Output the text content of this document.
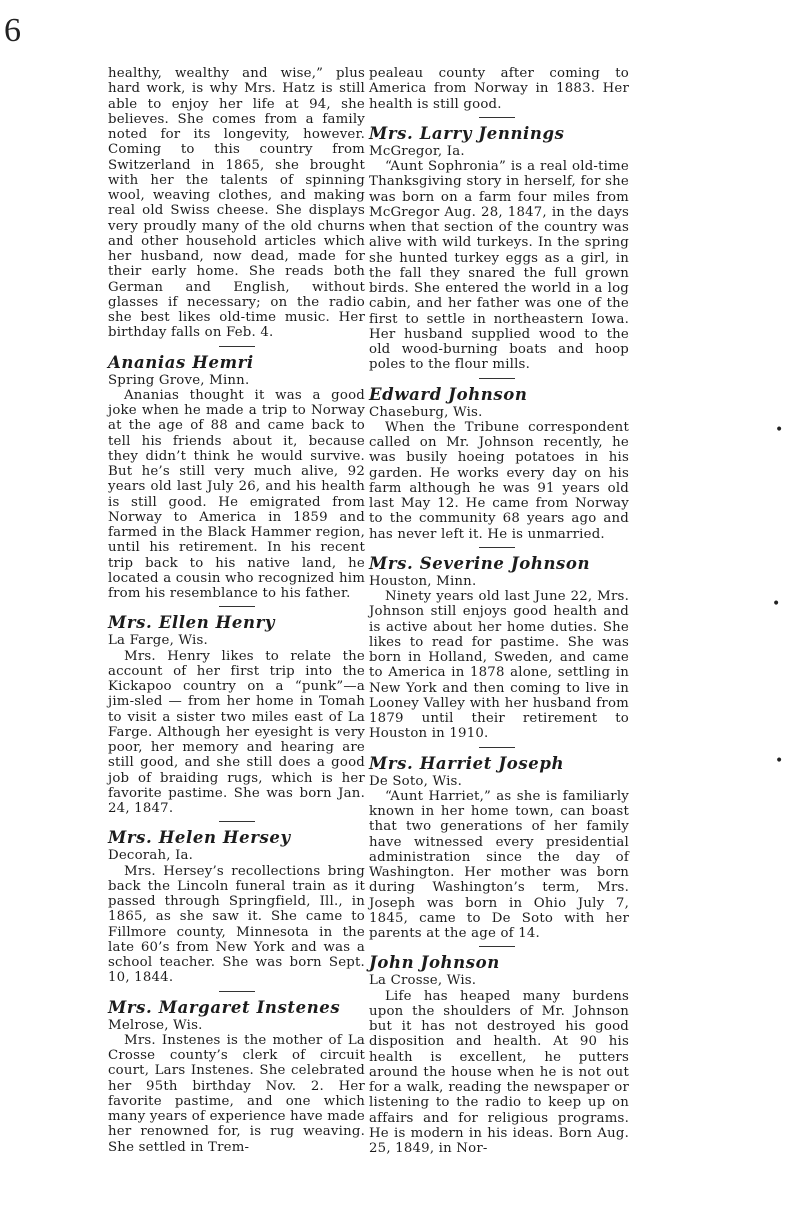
6

healthy, wealthy and wise,” plus hard work, is why Mrs. Hatz is still able to enjoy her life at 94, she believes. She comes from a family noted for its longevity, however. Coming to this country from Switzerland in 1865, she brought with her the talents of spinning wool, weaving clothes, and making real old Swiss cheese. She displays very proudly many of the old churns and other household articles which her husband, now dead, made for their early home. She reads both German and English, without glasses if necessary; on the radio she best likes old-time music. Her birthday falls on Feb. 4.

Ananias Hemri
Spring Grove, Minn.

Ananias thought it was a good joke when he made a trip to Norway at the age of 88 and came back to tell his friends about it, because they didn’t think he would survive. But he’s still very much alive, 92 years old last July 26, and his health is still good. He emigrated from Norway to America in 1859 and farmed in the Black Hammer region, until his retirement. In his recent trip back to his native land, he located a cousin who recognized him from his resemblance to his father.

Mrs. Ellen Henry
La Farge, Wis.

Mrs. Henry likes to relate the account of her first trip into the Kickapoo country on a “punk”—a jim-sled — from her home in Tomah to visit a sister two miles east of La Farge. Although her eyesight is very poor, her memory and hearing are still good, and she still does a good job of braiding rugs, which is her favorite pastime. She was born Jan. 24, 1847.

Mrs. Helen Hersey
Decorah, Ia.

Mrs. Hersey’s recollections bring back the Lincoln funeral train as it passed through Springfield, Ill., in 1865, as she saw it. She came to Fillmore county, Minnesota in the late 60’s from New York and was a school teacher. She was born Sept. 10, 1844.

Mrs. Margaret Instenes
Melrose, Wis.

Mrs. Instenes is the mother of La Crosse county’s clerk of circuit court, Lars Instenes. She celebrated her 95th birthday Nov. 2. Her favorite pastime, and one which many years of experience have made her renowned for, is rug weaving. She settled in Trem-

pealeau county after coming to America from Norway in 1883. Her health is still good.

Mrs. Larry Jennings
McGregor, Ia.

“Aunt Sophronia” is a real old-time Thanksgiving story in herself, for she was born on a farm four miles from McGregor Aug. 28, 1847, in the days when that section of the country was alive with wild turkeys. In the spring she hunted turkey eggs as a girl, in the fall they snared the full grown birds. She entered the world in a log cabin, and her father was one of the first to settle in northeastern Iowa. Her husband supplied wood to the old wood-burning boats and hoop poles to the flour mills.

Edward Johnson
Chaseburg, Wis.

When the Tribune correspondent called on Mr. Johnson recently, he was busily hoeing potatoes in his garden. He works every day on his farm although he was 91 years old last May 12. He came from Norway to the community 68 years ago and has never left it. He is unmarried.

Mrs. Severine Johnson
Houston, Minn.

Ninety years old last June 22, Mrs. Johnson still enjoys good health and is active about her home duties. She likes to read for pastime. She was born in Holland, Sweden, and came to America in 1878 alone, settling in New York and then coming to live in Looney Valley with her husband from 1879 until their retirement to Houston in 1910.

Mrs. Harriet Joseph
De Soto, Wis.

“Aunt Harriet,” as she is familiarly known in her home town, can boast that two generations of her family have witnessed every presidential administration since the day of Washington. Her mother was born during Washington’s term, Mrs. Joseph was born in Ohio July 7, 1845, came to De Soto with her parents at the age of 14.

John Johnson
La Crosse, Wis.

Life has heaped many burdens upon the shoulders of Mr. Johnson but it has not destroyed his good disposition and health. At 90 his health is excellent, he putters around the house when he is not out for a walk, reading the newspaper or listening to the radio to keep up on affairs and for religious programs. He is modern in his ideas. Born Aug. 25, 1849, in Nor-

•
•
•
